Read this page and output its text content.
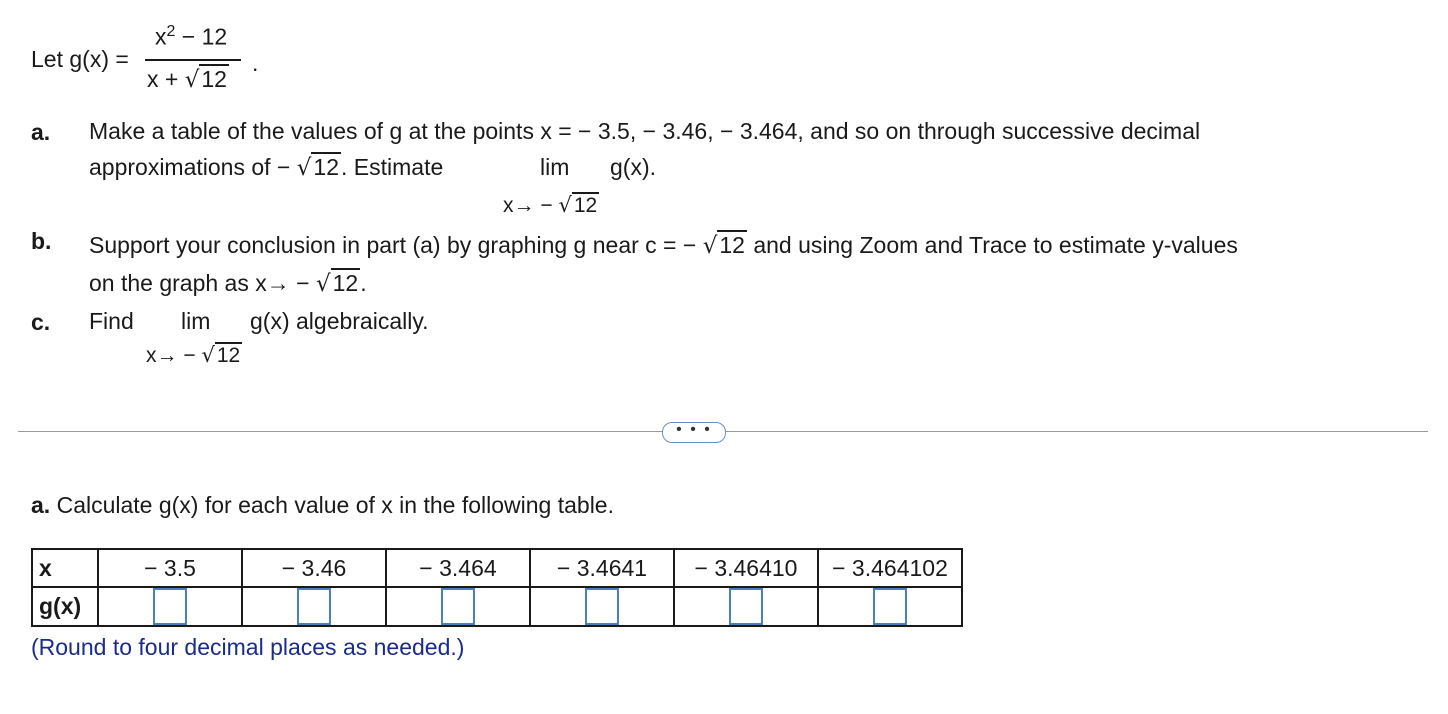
Let g(x) =
$x^2 - 12$
x + √12
.
a. Make a table of the values of g at the points x = − 3.5, − 3.46, − 3.464, and so on through successive decimal
approximations of − √12. Estimate	lim g(x).
x→ − √12
b. Support your conclusion in part (a) by graphing g near c = − √12 and using Zoom and Trace to estimate y-values
on the graph as x→ − √12.
c. Find lim g(x) algebraically.
x→ − √12
• • •
a. Calculate g(x) for each value of x in the following table.
x	− 3.5	− 3.46	− 3.464	− 3.4641	− 3.46410	− 3.464102
g(x)						
(Round to four decimal places as needed.)
